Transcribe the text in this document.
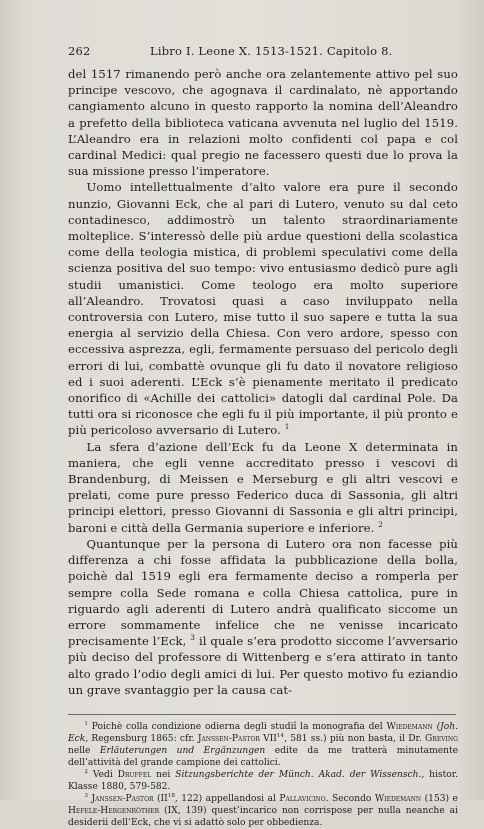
262	Libro I. Leone X. 1513-1521. Capitolo 8.

del 1517 rimanendo però anche ora zelantemente attivo pel suo principe vescovo, che agognava il cardinalato, nè apportando cangiamento alcuno in questo rapporto la nomina dell’Aleandro a prefetto della biblioteca vaticana avvenuta nel luglio del 1519. L’Aleandro era in relazioni molto confidenti col papa e col cardinal Medici: qual pregio ne facessero questi due lo prova la sua missione presso l’imperatore.

Uomo intellettualmente d’alto valore era pure il secondo nunzio, Giovanni Eck, che al pari di Lutero, venuto su dal ceto contadinesco, addimostrò un talento straordinariamente molteplice. S’interessò delle più ardue questioni della scolastica come della teologia mistica, di problemi speculativi come della scienza positiva del suo tempo: vivo entusiasmo dedicò pure agli studii umanistici. Come teologo era molto superiore all’Aleandro. Trovatosi quasi a caso inviluppato nella controversia con Lutero, mise tutto il suo sapere e tutta la sua energia al servizio della Chiesa. Con vero ardore, spesso con eccessiva asprezza, egli, fermamente persuaso del pericolo degli errori di lui, combattè ovunque gli fu dato il novatore religioso ed i suoi aderenti. L’Eck s’è pienamente meritato il predicato onorifico di «Achille dei cattolici» datogli dal cardinal Pole. Da tutti ora si riconosce che egli fu il più importante, il più pronto e più pericoloso avversario di Lutero. $^1$

La sfera d’azione dell’Eck fu da Leone X determinata in maniera, che egli venne accreditato presso i vescovi di Brandenburg, di Meissen e Merseburg e gli altri vescovi e prelati, come pure presso Federico duca di Sassonia, gli altri principi elettori, presso Giovanni di Sassonia e gli altri principi, baroni e città della Germania superiore e inferiore. $^2$

Quantunque per la persona di Lutero ora non facesse più differenza a chi fosse affidata la pubblicazione della bolla, poichè dal 1519 egli era fermamente deciso a romperla per sempre colla Sede romana e colla Chiesa cattolica, pure in riguardo agli aderenti di Lutero andrà qualificato siccome un errore sommamente infelice che ne venisse incaricato precisamente l’Eck, $^3$ il quale s’era prodotto siccome l’avversario più deciso del professore di Wittenberg e s’era attirato in tanto alto grado l’odio degli amici di lui. Per questo motivo fu eziandio un grave svantaggio per la causa cat-

$^1$ Poichè colla condizione odierna degli studiî la monografia del Wiedemann (Joh. Eck, Regensburg 1865: cfr. Janssen-Pastor VII$^{14}$, 581 ss.) più non basta, il Dr. Greving nelle Erläuterungen und Ergänzungen edite da me tratterà minutamente dell’attività del grande campione dei cattolici.

$^2$ Vedi Druffel nei Sitzungsberichte der Münch. Akad. der Wissensch., histor. Klasse 1880, 579-582.

$^3$ Janssen-Pastor (II$^{18}$, 122) appellandosi al Pallavicino. Secondo Wiedemann (153) e Hefele-Hergenröther (IX, 139) quest’incarico non corrisposе per nulla neanche ai desiderii dell’Eck, che vi si adattò solo per obbedienza.
